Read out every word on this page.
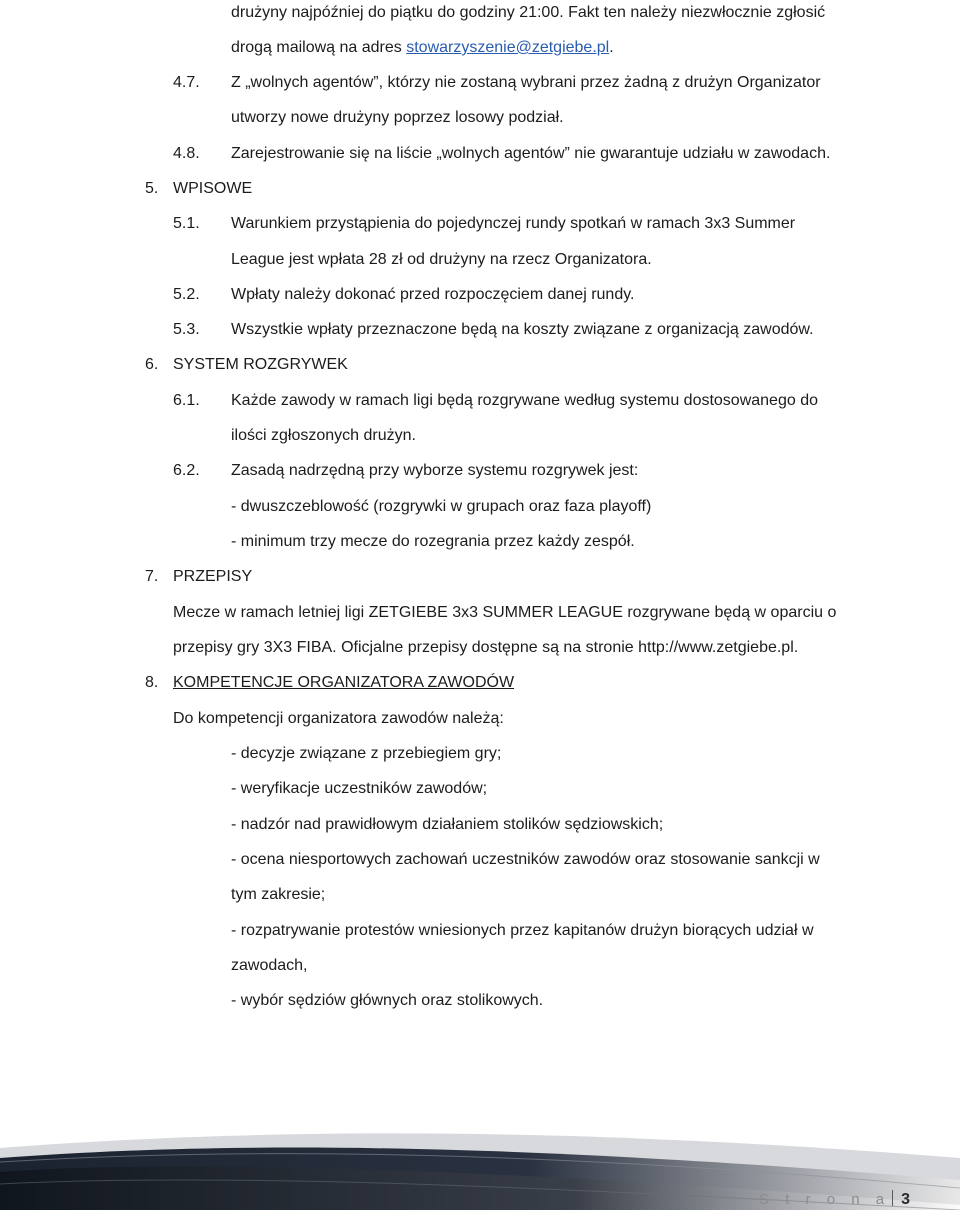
drużyny najpóźniej do piątku do godziny 21:00. Fakt ten należy niezwłocznie zgłosić
drogą mailową na adres stowarzyszenie@zetgiebe.pl.
4.7. Z „wolnych agentów”, którzy nie zostaną wybrani przez żadną z drużyn Organizator
utworzy nowe drużyny poprzez losowy podział.
4.8. Zarejestrowanie się na liście „wolnych agentów” nie gwarantuje udziału w zawodach.
5. WPISOWE
5.1. Warunkiem przystąpienia do pojedynczej rundy spotkań w ramach 3x3 Summer
League jest wpłata 28 zł od drużyny na rzecz Organizatora.
5.2. Wpłaty należy dokonać przed rozpoczęciem danej rundy.
5.3. Wszystkie wpłaty przeznaczone będą na koszty związane z organizacją zawodów.
6. SYSTEM ROZGRYWEK
6.1. Każde zawody w ramach ligi będą rozgrywane według systemu dostosowanego do
ilości zgłoszonych drużyn.
6.2. Zasadą nadrzędną przy wyborze systemu rozgrywek jest:
- dwuszczeblowość (rozgrywki w grupach oraz faza playoff)
- minimum trzy mecze do rozegrania przez każdy zespół.
7. PRZEPISY
Mecze w ramach letniej ligi ZETGIEBE 3x3 SUMMER LEAGUE rozgrywane będą w oparciu o
przepisy gry 3X3 FIBA. Oficjalne przepisy dostępne są na stronie http://www.zetgiebe.pl.
8. KOMPETENCJE ORGANIZATORA ZAWODÓW
Do kompetencji organizatora zawodów należą:
- decyzje związane z przebiegiem gry;
- weryfikacje uczestników zawodów;
- nadzór nad prawidłowym działaniem stolików sędziowskich;
- ocena niesportowych zachowań uczestników zawodów oraz stosowanie sankcji w
tym zakresie;
- rozpatrywanie protestów wniesionych przez kapitanów drużyn biorących udział w
zawodach,
- wybór sędziów głównych oraz stolikowych.
S t r o n a 3
